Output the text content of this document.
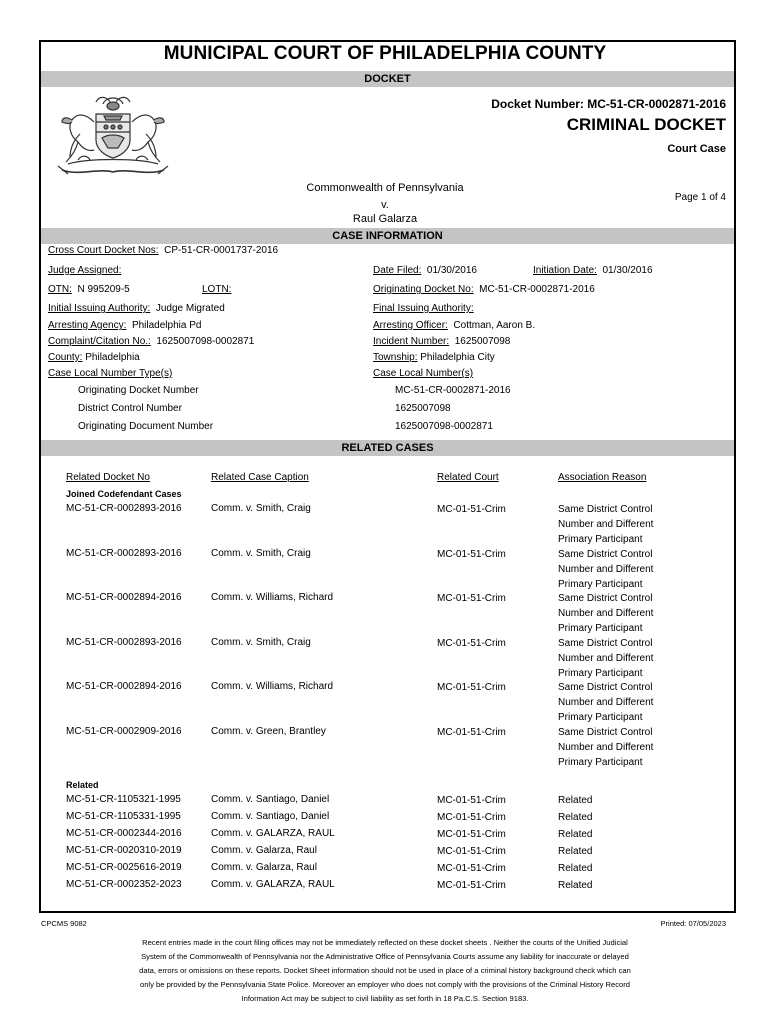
MUNICIPAL COURT OF PHILADELPHIA COUNTY
DOCKET
Docket Number: MC-51-CR-0002871-2016
CRIMINAL DOCKET
Court Case
Commonwealth of Pennsylvania
v.
Raul Galarza
Page 1 of 4
CASE INFORMATION
Cross Court Docket Nos: CP-51-CR-0001737-2016
Judge Assigned:	Date Filed: 01/30/2016	Initiation Date: 01/30/2016
OTN: N 995209-5	LOTN:	Originating Docket No: MC-51-CR-0002871-2016
Initial Issuing Authority: Judge Migrated	Final Issuing Authority:
Arresting Agency: Philadelphia Pd	Arresting Officer: Cottman, Aaron B.
Complaint/Citation No.: 1625007098-0002871	Incident Number: 1625007098
County: Philadelphia	Township: Philadelphia City
Case Local Number Type(s)	Case Local Number(s)
Originating Docket Number	MC-51-CR-0002871-2016
District Control Number	1625007098
Originating Document Number	1625007098-0002871
RELATED CASES
Related Docket No	Related Case Caption	Related Court	Association Reason
Joined Codefendant Cases
MC-51-CR-0002893-2016	Comm. v. Smith, Craig	MC-01-51-Crim	Same District Control
Number and Different
Primary Participant
MC-51-CR-0002893-2016	Comm. v. Smith, Craig	MC-01-51-Crim	Same District Control
Number and Different
Primary Participant
MC-51-CR-0002894-2016	Comm. v. Williams, Richard	MC-01-51-Crim	Same District Control
Number and Different
Primary Participant
MC-51-CR-0002893-2016	Comm. v. Smith, Craig	MC-01-51-Crim	Same District Control
Number and Different
Primary Participant
MC-51-CR-0002894-2016	Comm. v. Williams, Richard	MC-01-51-Crim	Same District Control
Number and Different
Primary Participant
MC-51-CR-0002909-2016	Comm. v. Green, Brantley	MC-01-51-Crim	Same District Control
Number and Different
Primary Participant
Related
MC-51-CR-1105321-1995	Comm. v. Santiago, Daniel	MC-01-51-Crim	Related
MC-51-CR-1105331-1995	Comm. v. Santiago, Daniel	MC-01-51-Crim	Related
MC-51-CR-0002344-2016	Comm. v. GALARZA, RAUL	MC-01-51-Crim	Related
MC-51-CR-0020310-2019	Comm. v. Galarza, Raul	MC-01-51-Crim	Related
MC-51-CR-0025616-2019	Comm. v. Galarza, Raul	MC-01-51-Crim	Related
MC-51-CR-0002352-2023	Comm. v. GALARZA, RAUL	MC-01-51-Crim	Related
CPCMS 9082	Printed: 07/05/2023
Recent entries made in the court filing offices may not be immediately reflected on these docket sheets . Neither the courts of the Unified Judicial
System of the Commonwealth of Pennsylvania nor the Administrative Office of Pennsylvania Courts assume any liability for inaccurate or delayed
data, errors or omissions on these reports. Docket Sheet information should not be used in place of a criminal history background check which can
only be provided by the Pennsylvania State Police. Moreover an employer who does not comply with the provisions of the Criminal History Record
Information Act may be subject to civil liability as set forth in 18 Pa.C.S. Section 9183.
